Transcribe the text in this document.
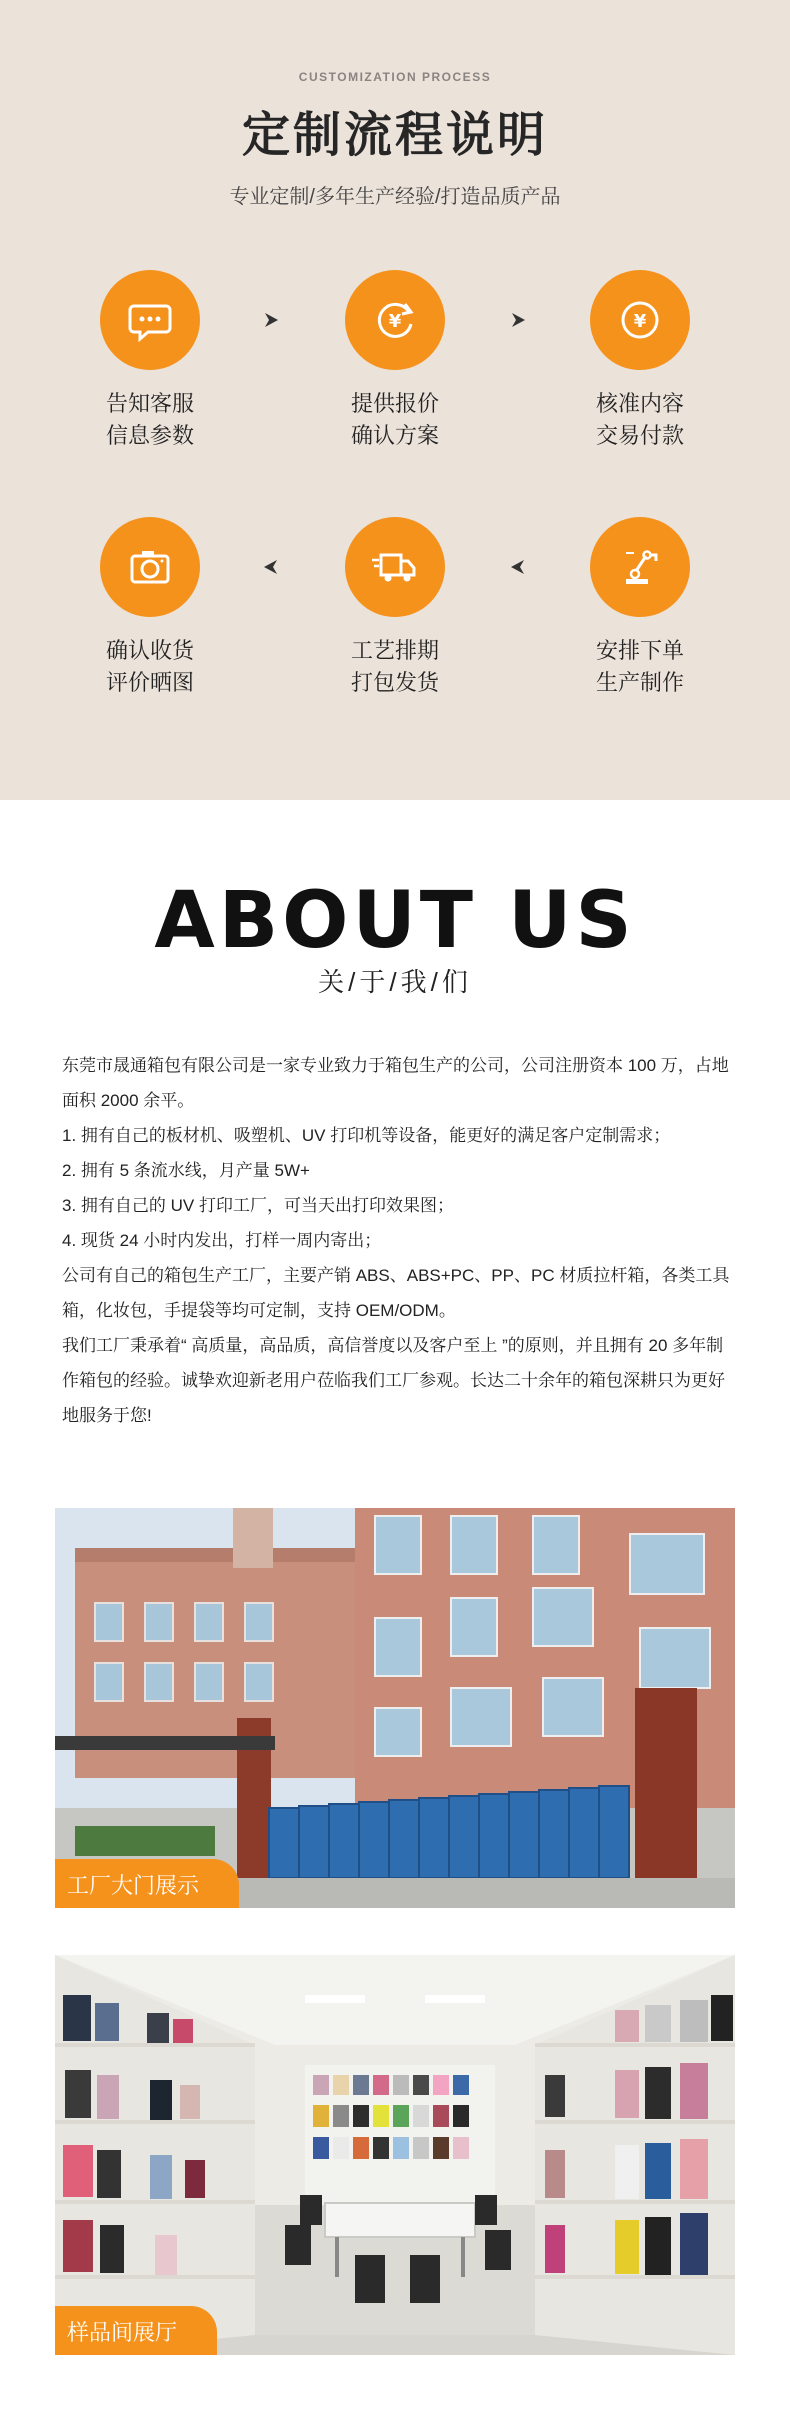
CUSTOMIZATION PROCESS
定制流程说明
专业定制/多年生产经验/打造品质产品
告知客服
信息参数
¥
提供报价
确认方案
¥
核准内容
交易付款
确认收货
评价晒图
工艺排期
打包发货
安排下单
生产制作
ABOUT US
关/于/我/们

东莞市晟通箱包有限公司是一家专业致力于箱包生产的公司，公司注册资本 100 万，占地面积 2000 余平。

1. 拥有自己的板材机、吸塑机、UV 打印机等设备，能更好的满足客户定制需求；

2. 拥有 5 条流水线，月产量 5W+

3. 拥有自己的 UV 打印工厂，可当天出打印效果图；

4. 现货 24 小时内发出，打样一周内寄出；

公司有自己的箱包生产工厂，主要产销 ABS、ABS+PC、PP、PC 材质拉杆箱，各类工具箱，化妆包，手提袋等均可定制，支持 OEM/ODM。

我们工厂秉承着“ 高质量，高品质，高信誉度以及客户至上 ”的原则，并且拥有 20 多年制作箱包的经验。诚挚欢迎新老用户莅临我们工厂参观。长达二十余年的箱包深耕只为更好地服务于您!

工厂大门展示
样品间展厅
